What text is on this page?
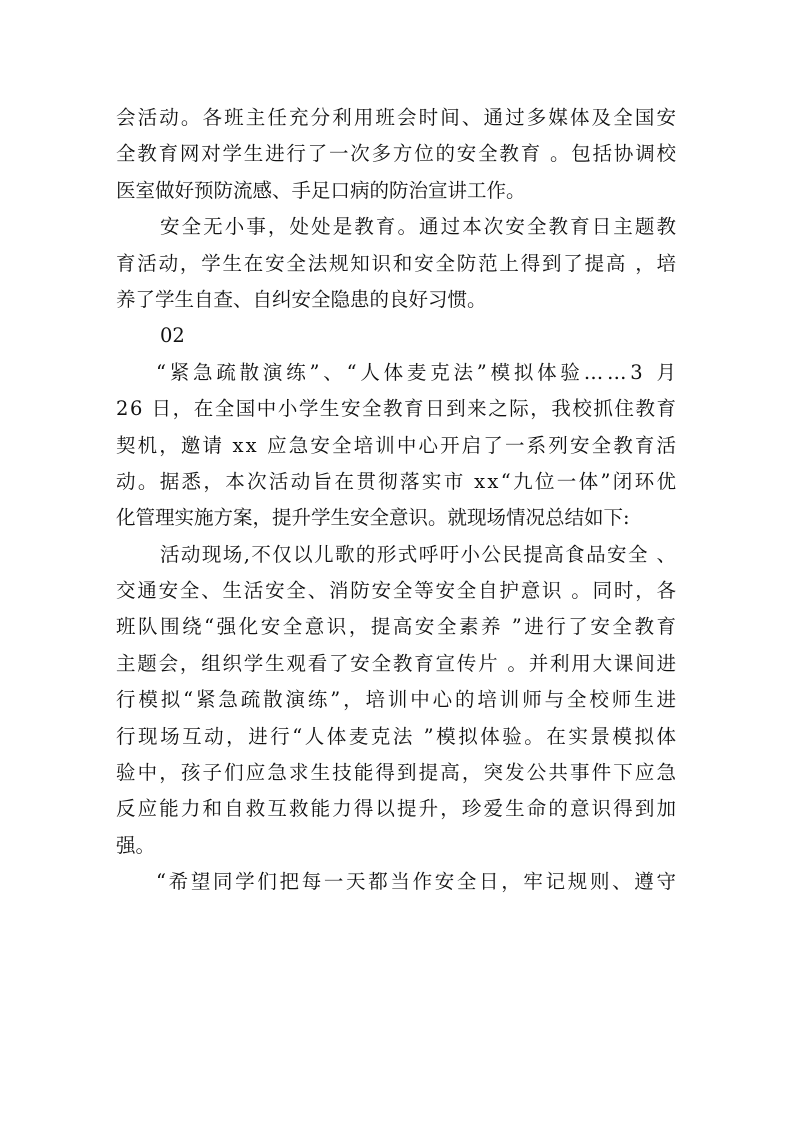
会活动。各班主任充分利用班会时间、通过多媒体及全国安
全教育网对学生进行了一次多方位的安全教育 。包括协调校
医室做好预防流感、手足口病的防治宣讲工作。
安全无小事，处处是教育。通过本次安全教育日主题教
育活动，学生在安全法规知识和安全防范上得到了提高 ，培
养了学生自查、自纠安全隐患的良好习惯。
02
“紧急疏散演练”、“人体麦克法”模拟体验……3 月
26 日，在全国中小学生安全教育日到来之际，我校抓住教育
契机，邀请 xx 应急安全培训中心开启了一系列安全教育活
动。据悉，本次活动旨在贯彻落实市 xx“九位一体”闭环优
化管理实施方案，提升学生安全意识。就现场情况总结如下:
活动现场,不仅以儿歌的形式呼吁小公民提高食品安全 、
交通安全、生活安全、消防安全等安全自护意识 。同时，各
班队围绕“强化安全意识，提高安全素养 ”进行了安全教育
主题会，组织学生观看了安全教育宣传片 。并利用大课间进
行模拟“紧急疏散演练”，培训中心的培训师与全校师生进
行现场互动，进行“人体麦克法 ”模拟体验。在实景模拟体
验中，孩子们应急求生技能得到提高，突发公共事件下应急
反应能力和自救互救能力得以提升，珍爱生命的意识得到加
强。
“希望同学们把每一天都当作安全日，牢记规则、遵守
